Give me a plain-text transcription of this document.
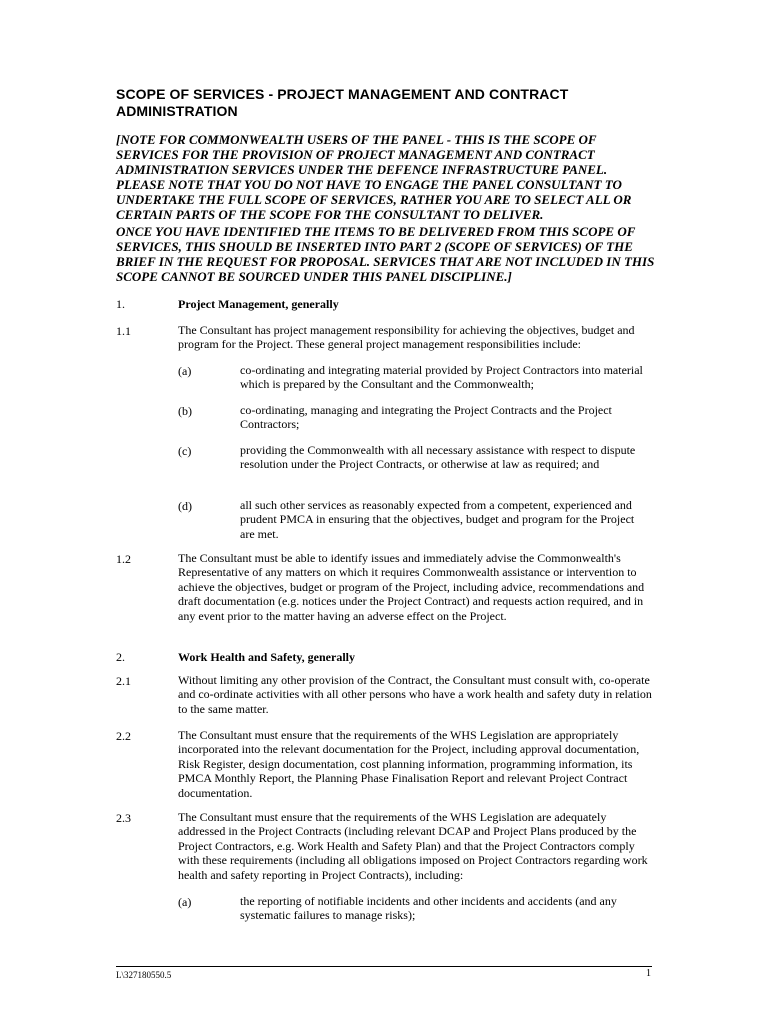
SCOPE OF SERVICES - PROJECT MANAGEMENT AND CONTRACT ADMINISTRATION
[NOTE FOR COMMONWEALTH USERS OF THE PANEL - THIS IS THE SCOPE OF SERVICES FOR THE PROVISION OF PROJECT MANAGEMENT AND CONTRACT ADMINISTRATION SERVICES UNDER THE DEFENCE INFRASTRUCTURE PANEL. PLEASE NOTE THAT YOU DO NOT HAVE TO ENGAGE THE PANEL CONSULTANT TO UNDERTAKE THE FULL SCOPE OF SERVICES, RATHER YOU ARE TO SELECT ALL OR CERTAIN PARTS OF THE SCOPE FOR THE CONSULTANT TO DELIVER.
ONCE YOU HAVE IDENTIFIED THE ITEMS TO BE DELIVERED FROM THIS SCOPE OF SERVICES, THIS SHOULD BE INSERTED INTO PART 2 (SCOPE OF SERVICES) OF THE BRIEF IN THE REQUEST FOR PROPOSAL. SERVICES THAT ARE NOT INCLUDED IN THIS SCOPE CANNOT BE SOURCED UNDER THIS PANEL DISCIPLINE.]
1.	Project Management, generally
1.1	The Consultant has project management responsibility for achieving the objectives, budget and program for the Project. These general project management responsibilities include:
(a)	co-ordinating and integrating material provided by Project Contractors into material which is prepared by the Consultant and the Commonwealth;
(b)	co-ordinating, managing and integrating the Project Contracts and the Project Contractors;
(c)	providing the Commonwealth with all necessary assistance with respect to dispute resolution under the Project Contracts, or otherwise at law as required; and
(d)	all such other services as reasonably expected from a competent, experienced and prudent PMCA in ensuring that the objectives, budget and program for the Project are met.
1.2	The Consultant must be able to identify issues and immediately advise the Commonwealth's Representative of any matters on which it requires Commonwealth assistance or intervention to achieve the objectives, budget or program of the Project, including advice, recommendations and draft documentation (e.g. notices under the Project Contract) and requests action required, and in any event prior to the matter having an adverse effect on the Project.
2.	Work Health and Safety, generally
2.1	Without limiting any other provision of the Contract, the Consultant must consult with, co-operate and co-ordinate activities with all other persons who have a work health and safety duty in relation to the same matter.
2.2	The Consultant must ensure that the requirements of the WHS Legislation are appropriately incorporated into the relevant documentation for the Project, including approval documentation, Risk Register, design documentation, cost planning information, programming information, its PMCA Monthly Report, the Planning Phase Finalisation Report and relevant Project Contract documentation.
2.3	The Consultant must ensure that the requirements of the WHS Legislation are adequately addressed in the Project Contracts (including relevant DCAP and Project Plans produced by the Project Contractors, e.g. Work Health and Safety Plan) and that the Project Contractors comply with these requirements (including all obligations imposed on Project Contractors regarding work health and safety reporting in Project Contracts), including:
(a)	the reporting of notifiable incidents and other incidents and accidents (and any systematic failures to manage risks);
L\327180550.5	1
